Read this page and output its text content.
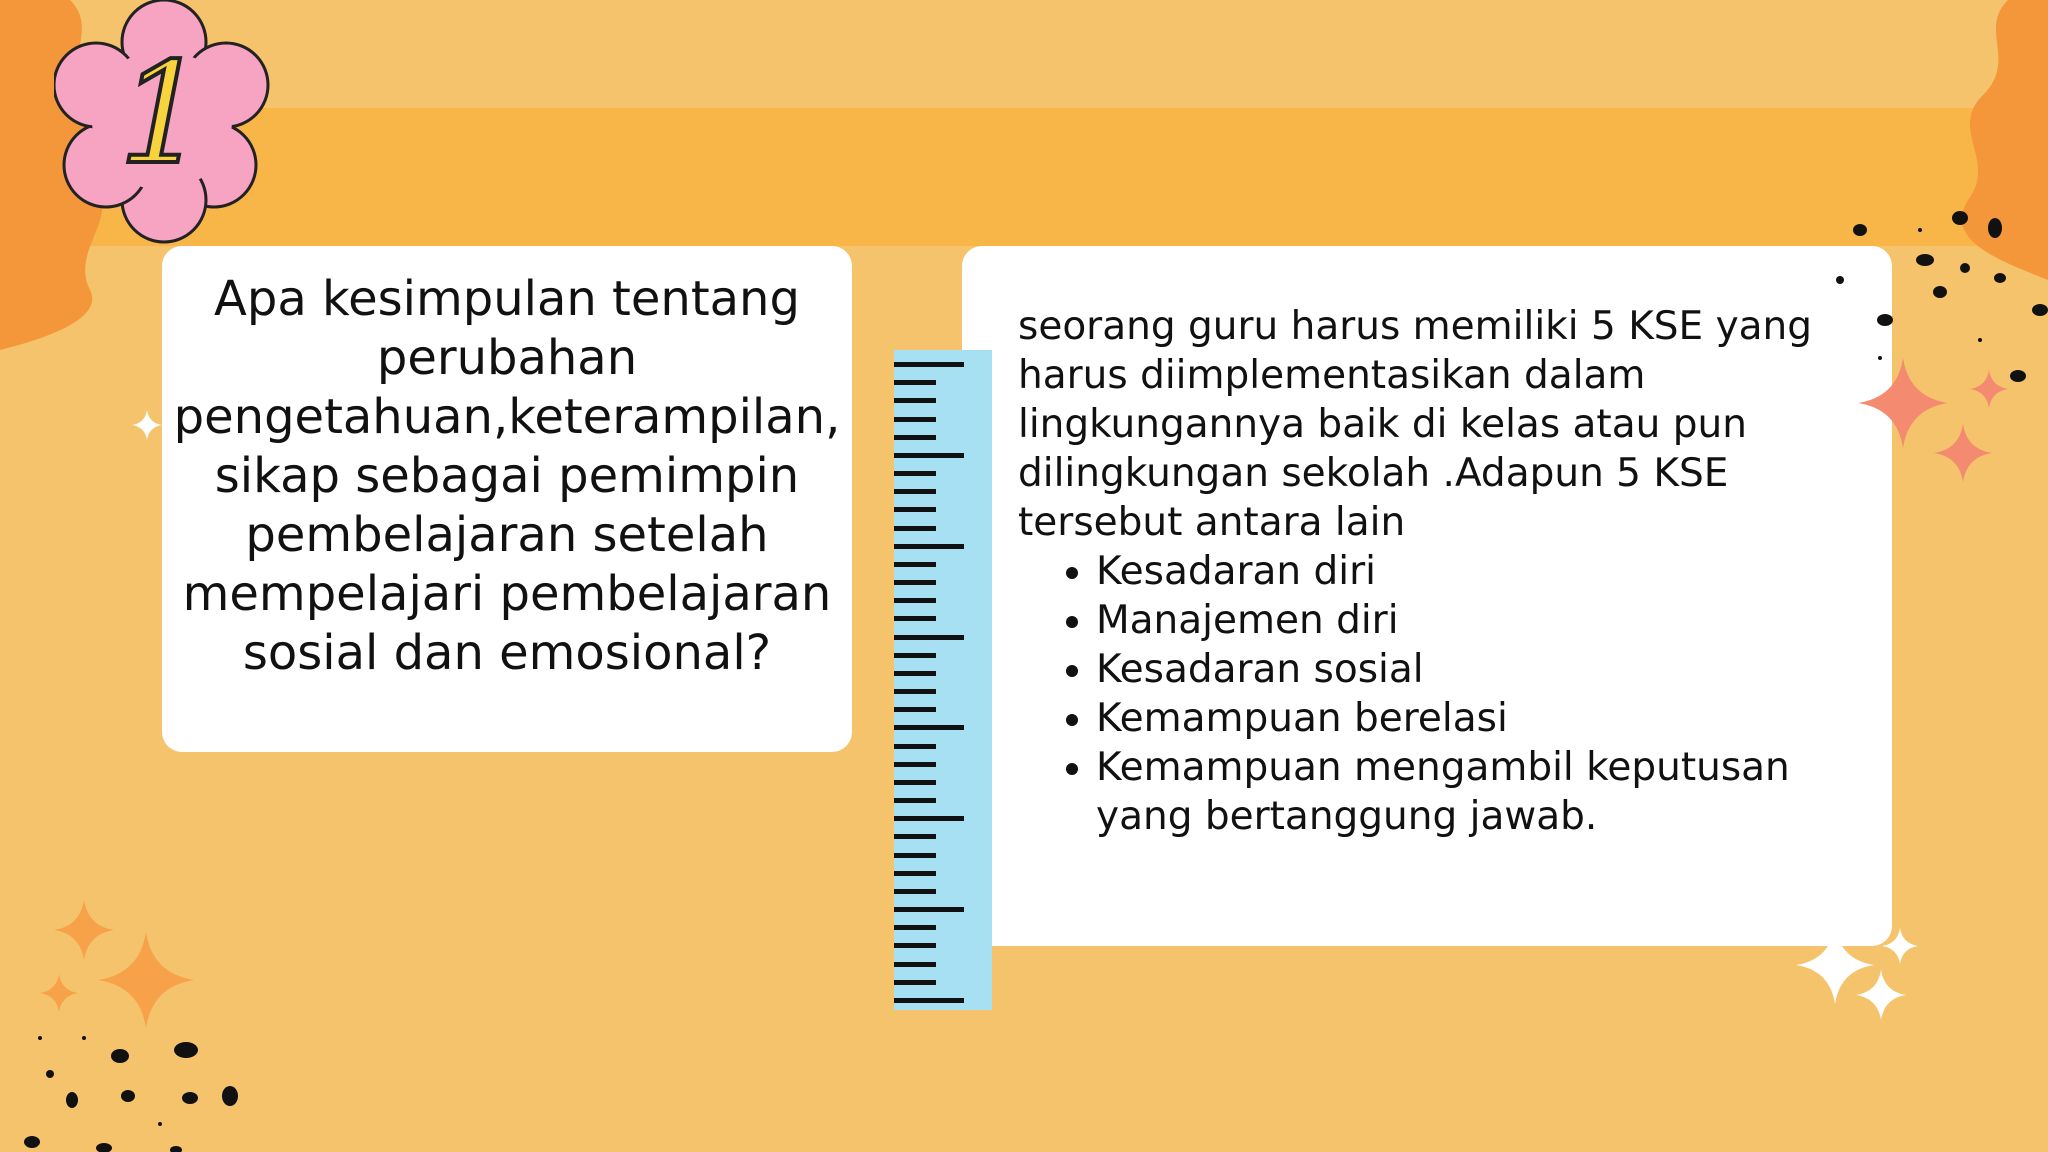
1
Apa kesimpulan tentang
perubahan
pengetahuan,keterampilan,
sikap sebagai pemimpin
pembelajaran setelah
mempelajari pembelajaran
sosial dan emosional?

seorang guru harus memiliki 5 KSE yang

harus diimplementasikan dalam

lingkungannya baik di kelas atau pun

dilingkungan sekolah .Adapun 5 KSE

tersebut antara lain

• Kesadaran diri
• Manajemen diri
• Kesadaran sosial
• Kemampuan berelasi
• Kemampuan mengambil keputusan yang bertanggung jawab.
